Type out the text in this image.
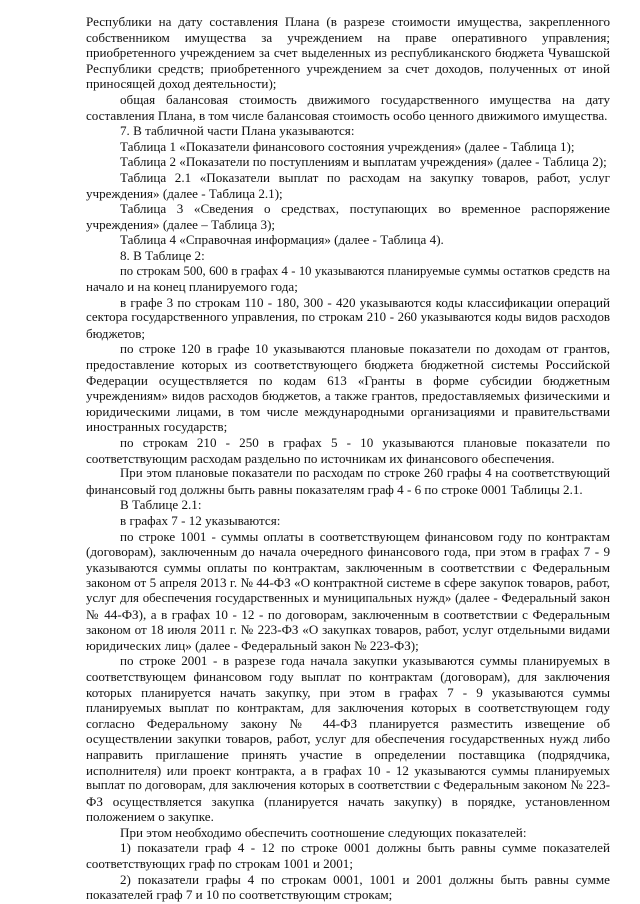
Республики на дату составления Плана (в разрезе стоимости имущества, закрепленного
собственником имущества за учреждением на праве оперативного управления;
приобретенного учреждением за счет выделенных из республиканского бюджета Чувашской
Республики средств; приобретенного учреждением за счет доходов, полученных от иной
приносящей доход деятельности);
общая балансовая стоимость движимого государственного имущества на дату
составления Плана, в том числе балансовая стоимость особо ценного движимого имущества.
7. В табличной части Плана указываются:
Таблица 1 «Показатели финансового состояния учреждения» (далее - Таблица 1);
Таблица 2 «Показатели по поступлениям и выплатам учреждения» (далее - Таблица 2);
Таблица 2.1 «Показатели выплат по расходам на закупку товаров, работ, услуг
учреждения» (далее - Таблица 2.1);
Таблица 3 «Сведения о средствах, поступающих во временное распоряжение
учреждения» (далее – Таблица 3);
Таблица 4 «Справочная информация» (далее - Таблица 4).
8. В Таблице 2:
по строкам 500, 600 в графах 4 - 10 указываются планируемые суммы остатков средств на
начало и на конец планируемого года;
в графе 3 по строкам 110 - 180, 300 - 420 указываются коды классификации операций
сектора государственного управления, по строкам 210 - 260 указываются коды видов расходов
бюджетов;
по строке 120 в графе 10 указываются плановые показатели по доходам от грантов,
предоставление которых из соответствующего бюджета бюджетной системы Российской
Федерации осуществляется по кодам 613 «Гранты в форме субсидии бюджетным
учреждениям» видов расходов бюджетов, а также грантов, предоставляемых физическими и
юридическими лицами, в том числе международными организациями и правительствами
иностранных государств;
по строкам 210 - 250 в графах 5 - 10 указываются плановые показатели по
соответствующим расходам раздельно по источникам их финансового обеспечения.
При этом плановые показатели по расходам по строке 260 графы 4 на соответствующий
финансовый год должны быть равны показателям граф 4 - 6 по строке 0001 Таблицы 2.1.
В Таблице 2.1:
в графах 7 - 12 указываются:
по строке 1001 - суммы оплаты в соответствующем финансовом году по контрактам
(договорам), заключенным до начала очередного финансового года, при этом в графах 7 - 9
указываются суммы оплаты по контрактам, заключенным в соответствии с Федеральным
законом от 5 апреля 2013 г. № 44-ФЗ «О контрактной системе в сфере закупок товаров, работ,
услуг для обеспечения государственных и муниципальных нужд» (далее - Федеральный закон
№ 44-ФЗ), а в графах 10 - 12 - по договорам, заключенным в соответствии с Федеральным
законом от 18 июля 2011 г. № 223-ФЗ «О закупках товаров, работ, услуг отдельными видами
юридических лиц» (далее - Федеральный закон № 223-ФЗ);
по строке 2001 - в разрезе года начала закупки указываются суммы планируемых в
соответствующем финансовом году выплат по контрактам (договорам), для заключения
которых планируется начать закупку, при этом в графах 7 - 9 указываются суммы
планируемых выплат по контрактам, для заключения которых в соответствующем году
согласно Федеральному закону № 44-ФЗ планируется разместить извещение об
осуществлении закупки товаров, работ, услуг для обеспечения государственных нужд либо
направить приглашение принять участие в определении поставщика (подрядчика,
исполнителя) или проект контракта, а в графах 10 - 12 указываются суммы планируемых
выплат по договорам, для заключения которых в соответствии с Федеральным законом № 223-
ФЗ осуществляется закупка (планируется начать закупку) в порядке, установленном
положением о закупке.
При этом необходимо обеспечить соотношение следующих показателей:
1) показатели граф 4 - 12 по строке 0001 должны быть равны сумме показателей
соответствующих граф по строкам 1001 и 2001;
2) показатели графы 4 по строкам 0001, 1001 и 2001 должны быть равны сумме
показателей граф 7 и 10 по соответствующим строкам;
